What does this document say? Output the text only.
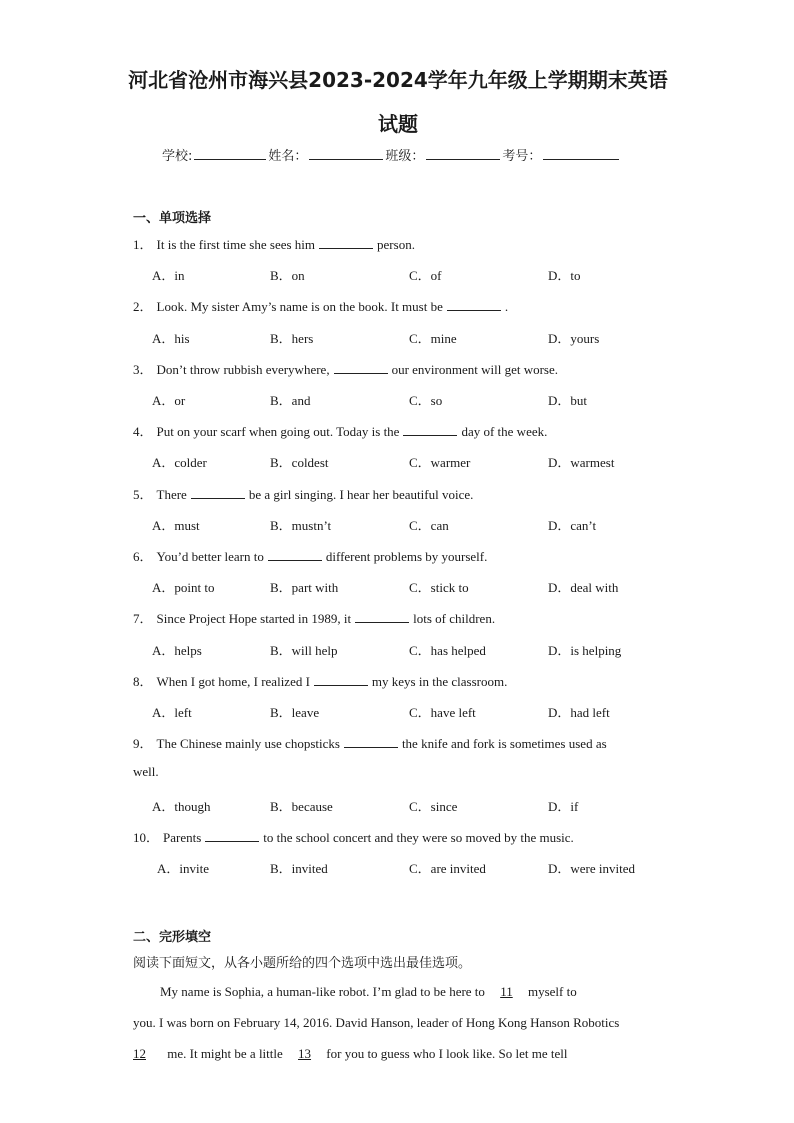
河北省沧州市海兴县2023-2024学年九年级上学期期末英语
试题
学校:	姓名：	班级：	考号：
一、单项选择
1． It is the first time she sees him	person.
A．in	B．on	C．of	D．to
2． Look. My sister Amy’s name is on the book. It must be	.
A．his	B．hers	C．mine	D．yours
3． Don’t throw rubbish everywhere,	our environment will get worse.
A．or	B．and	C．so	D．but
4． Put on your scarf when going out. Today is the	day of the week.
A．colder	B．coldest	C．warmer	D．warmest
5． There	be a girl singing. I hear her beautiful voice.
A．must	B．mustn’t	C．can	D．can’t
6． You’d better learn to	different problems by yourself.
A．point to	B．part with	C．stick to	D．deal with
7． Since Project Hope started in 1989, it	lots of children.
A．helps	B．will help	C．has helped	D．is helping
8． When I got home, I realized I	my keys in the classroom.
A．left	B．leave	C．have left	D．had left
9． The Chinese mainly use chopsticks	the knife and fork is sometimes used as
well.
A．though	B．because	C．since	D．if
10． Parents	to the school concert and they were so moved by the music.
A．invite	B．invited	C．are invited	D．were invited
二、完形填空
阅读下面短文，从各小题所给的四个选项中选出最佳选项。
My name is Sophia, a human-like robot. I’m glad to be here to 11 myself to
you. I was born on February 14, 2016. David Hanson, leader of Hong Kong Hanson Robotics
12 me. It might be a little 13 for you to guess who I look like. So let me tell
